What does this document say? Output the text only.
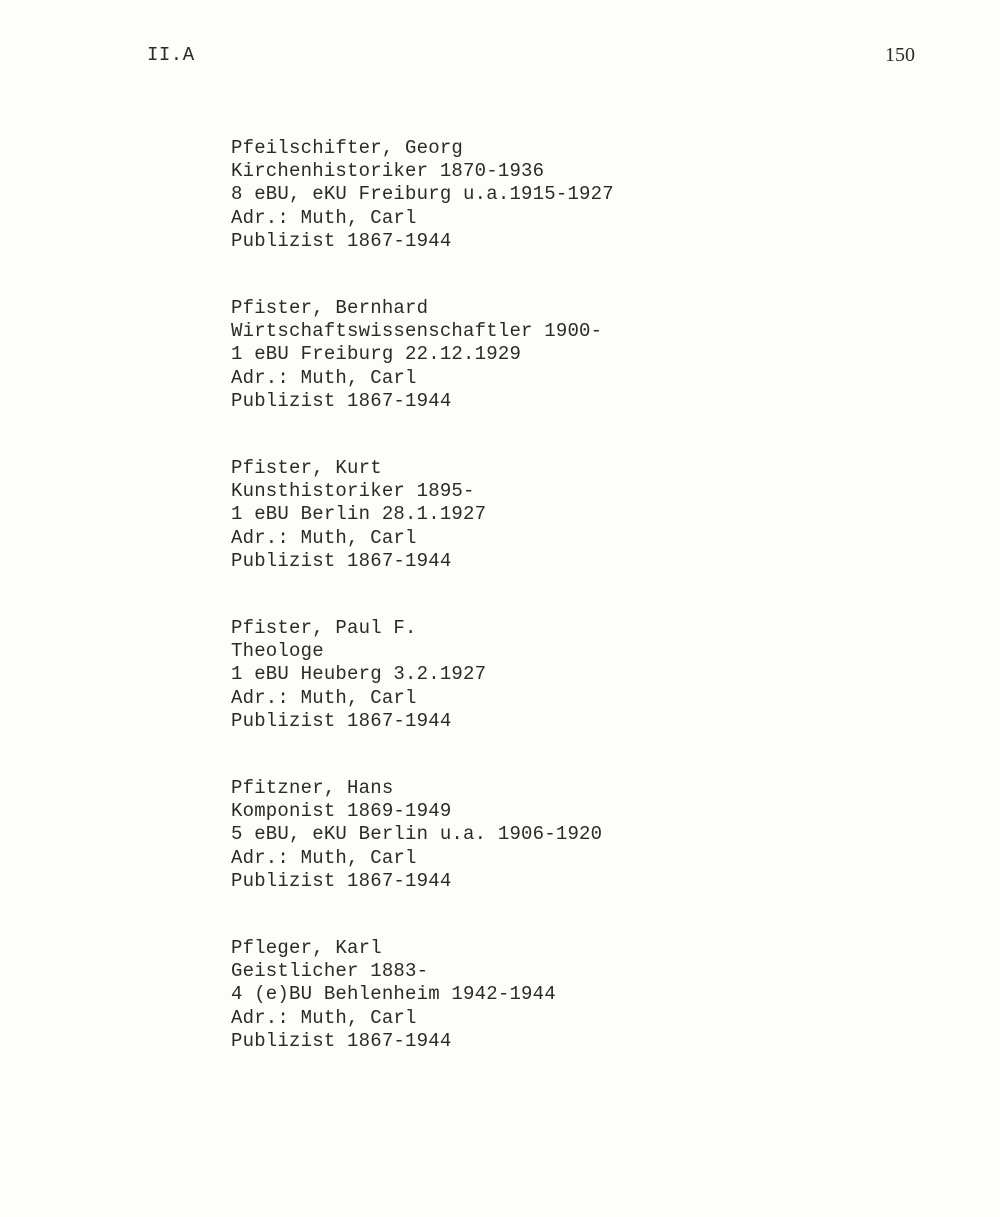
II.A	150
Pfeilschifter, Georg
Kirchenhistoriker 1870-1936
8 eBU, eKU Freiburg u.a.1915-1927
Adr.: Muth, Carl
Publizist 1867-1944
Pfister, Bernhard
Wirtschaftswissenschaftler 1900-
1 eBU Freiburg 22.12.1929
Adr.: Muth, Carl
Publizist 1867-1944
Pfister, Kurt
Kunsthistoriker 1895-
1 eBU Berlin 28.1.1927
Adr.: Muth, Carl
Publizist 1867-1944
Pfister, Paul F.
Theologe
1 eBU Heuberg 3.2.1927
Adr.: Muth, Carl
Publizist 1867-1944
Pfitzner, Hans
Komponist 1869-1949
5 eBU, eKU Berlin u.a. 1906-1920
Adr.: Muth, Carl
Publizist 1867-1944
Pfleger, Karl
Geistlicher 1883-
4 (e)BU Behlenheim 1942-1944
Adr.: Muth, Carl
Publizist 1867-1944
